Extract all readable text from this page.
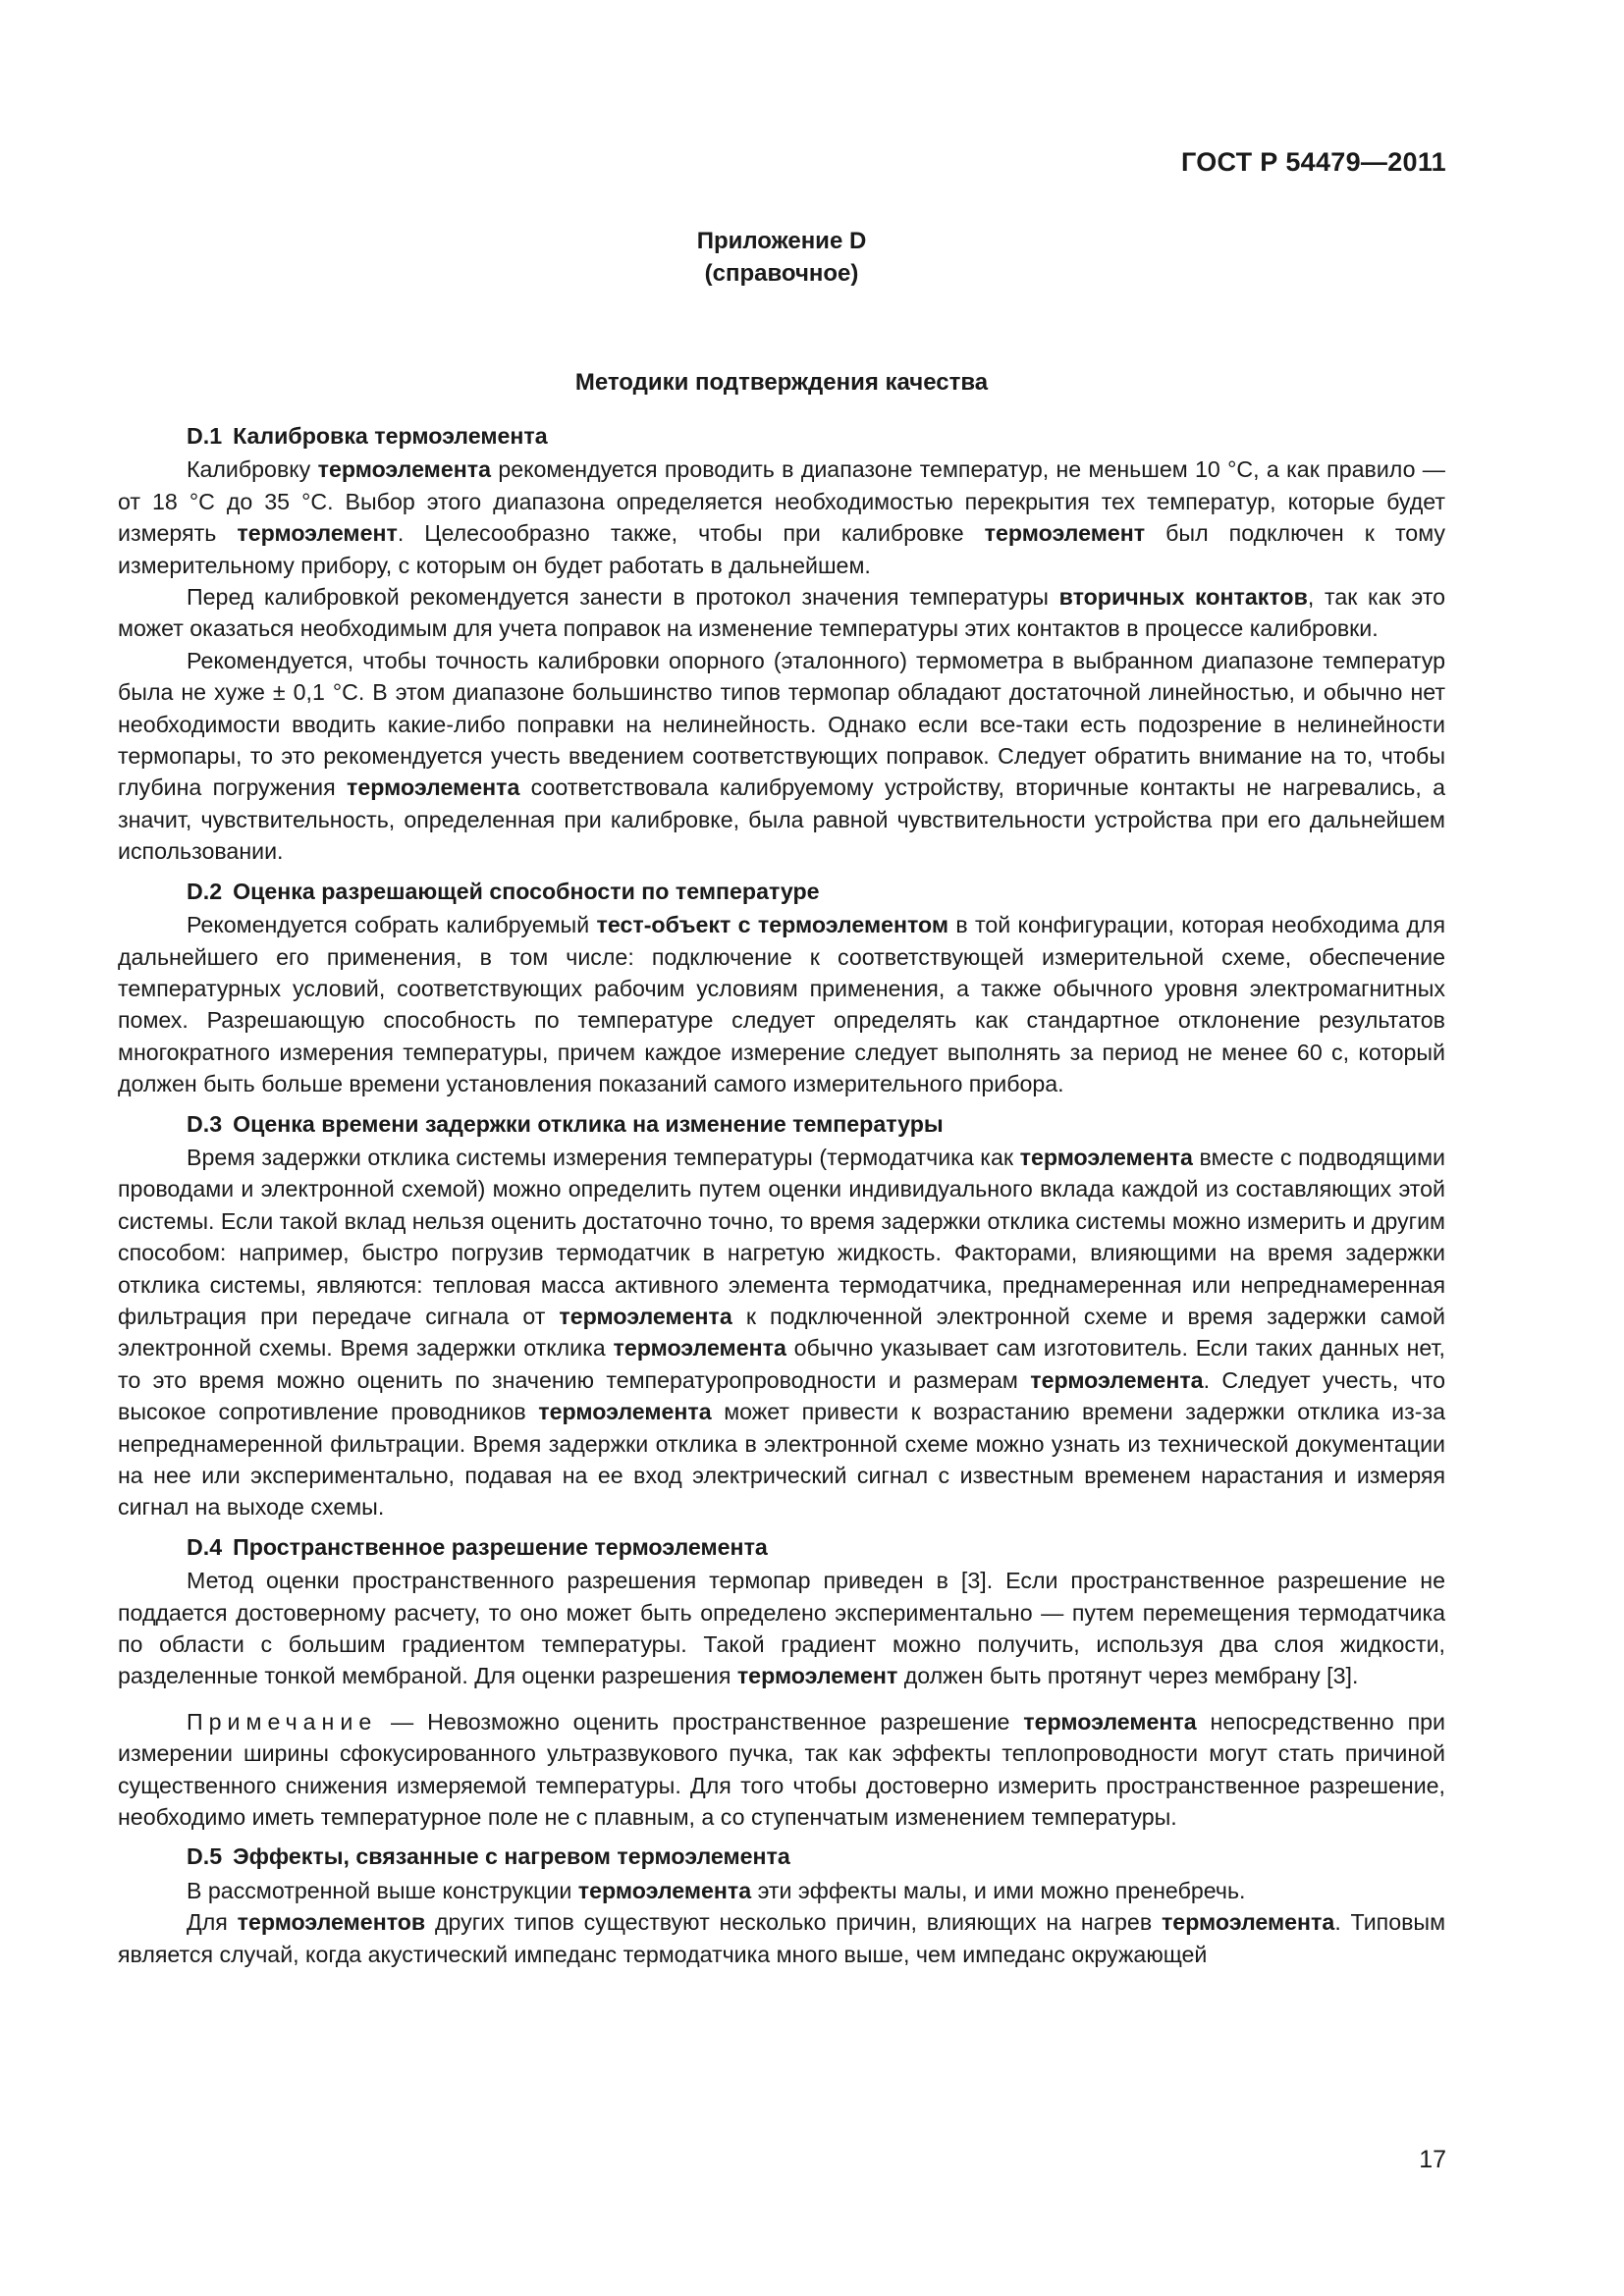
ГОСТ Р 54479—2011
Приложение D
(справочное)
Методики подтверждения качества
D.1 Калибровка термоэлемента

Калибровку термоэлемента рекомендуется проводить в диапазоне температур, не меньшем 10 °С, а как правило — от 18 °С до 35 °С. Выбор этого диапазона определяется необходимостью перекрытия тех температур, которые будет измерять термоэлемент. Целесообразно также, чтобы при калибровке термоэлемент был подключен к тому измерительному прибору, с которым он будет работать в дальнейшем.

Перед калибровкой рекомендуется занести в протокол значения температуры вторичных контактов, так как это может оказаться необходимым для учета поправок на изменение температуры этих контактов в процессе калибровки.

Рекомендуется, чтобы точность калибровки опорного (эталонного) термометра в выбранном диапазоне температур была не хуже ± 0,1 °С. В этом диапазоне большинство типов термопар обладают достаточной линейностью, и обычно нет необходимости вводить какие-либо поправки на нелинейность. Однако если все-таки есть подозрение в нелинейности термопары, то это рекомендуется учесть введением соответствующих поправок. Следует обратить внимание на то, чтобы глубина погружения термоэлемента соответствовала калибруемому устройству, вторичные контакты не нагревались, а значит, чувствительность, определенная при калибровке, была равной чувствительности устройства при его дальнейшем использовании.

D.2 Оценка разрешающей способности по температуре

Рекомендуется собрать калибруемый тест-объект с термоэлементом в той конфигурации, которая необходима для дальнейшего его применения, в том числе: подключение к соответствующей измерительной схеме, обеспечение температурных условий, соответствующих рабочим условиям применения, а также обычного уровня электромагнитных помех. Разрешающую способность по температуре следует определять как стандартное отклонение результатов многократного измерения температуры, причем каждое измерение следует выполнять за период не менее 60 с, который должен быть больше времени установления показаний самого измерительного прибора.

D.3 Оценка времени задержки отклика на изменение температуры

Время задержки отклика системы измерения температуры (термодатчика как термоэлемента вместе с подводящими проводами и электронной схемой) можно определить путем оценки индивидуального вклада каждой из составляющих этой системы. Если такой вклад нельзя оценить достаточно точно, то время задержки отклика системы можно измерить и другим способом: например, быстро погрузив термодатчик в нагретую жидкость. Факторами, влияющими на время задержки отклика системы, являются: тепловая масса активного элемента термодатчика, преднамеренная или непреднамеренная фильтрация при передаче сигнала от термоэлемента к подключенной электронной схеме и время задержки самой электронной схемы. Время задержки отклика термоэлемента обычно указывает сам изготовитель. Если таких данных нет, то это время можно оценить по значению температуропроводности и размерам термоэлемента. Следует учесть, что высокое сопротивление проводников термоэлемента может привести к возрастанию времени задержки отклика из-за непреднамеренной фильтрации. Время задержки отклика в электронной схеме можно узнать из технической документации на нее или экспериментально, подавая на ее вход электрический сигнал с известным временем нарастания и измеряя сигнал на выходе схемы.

D.4 Пространственное разрешение термоэлемента

Метод оценки пространственного разрешения термопар приведен в [3]. Если пространственное разрешение не поддается достоверному расчету, то оно может быть определено экспериментально — путем перемещения термодатчика по области с большим градиентом температуры. Такой градиент можно получить, используя два слоя жидкости, разделенные тонкой мембраной. Для оценки разрешения термоэлемент должен быть протянут через мембрану [3].

Примечание — Невозможно оценить пространственное разрешение термоэлемента непосредственно при измерении ширины сфокусированного ультразвукового пучка, так как эффекты теплопроводности могут стать причиной существенного снижения измеряемой температуры. Для того чтобы достоверно измерить пространственное разрешение, необходимо иметь температурное поле не с плавным, а со ступенчатым изменением температуры.

D.5 Эффекты, связанные с нагревом термоэлемента

В рассмотренной выше конструкции термоэлемента эти эффекты малы, и ими можно пренебречь.

Для термоэлементов других типов существуют несколько причин, влияющих на нагрев термоэлемента. Типовым является случай, когда акустический импеданс термодатчика много выше, чем импеданс окружающей

17
